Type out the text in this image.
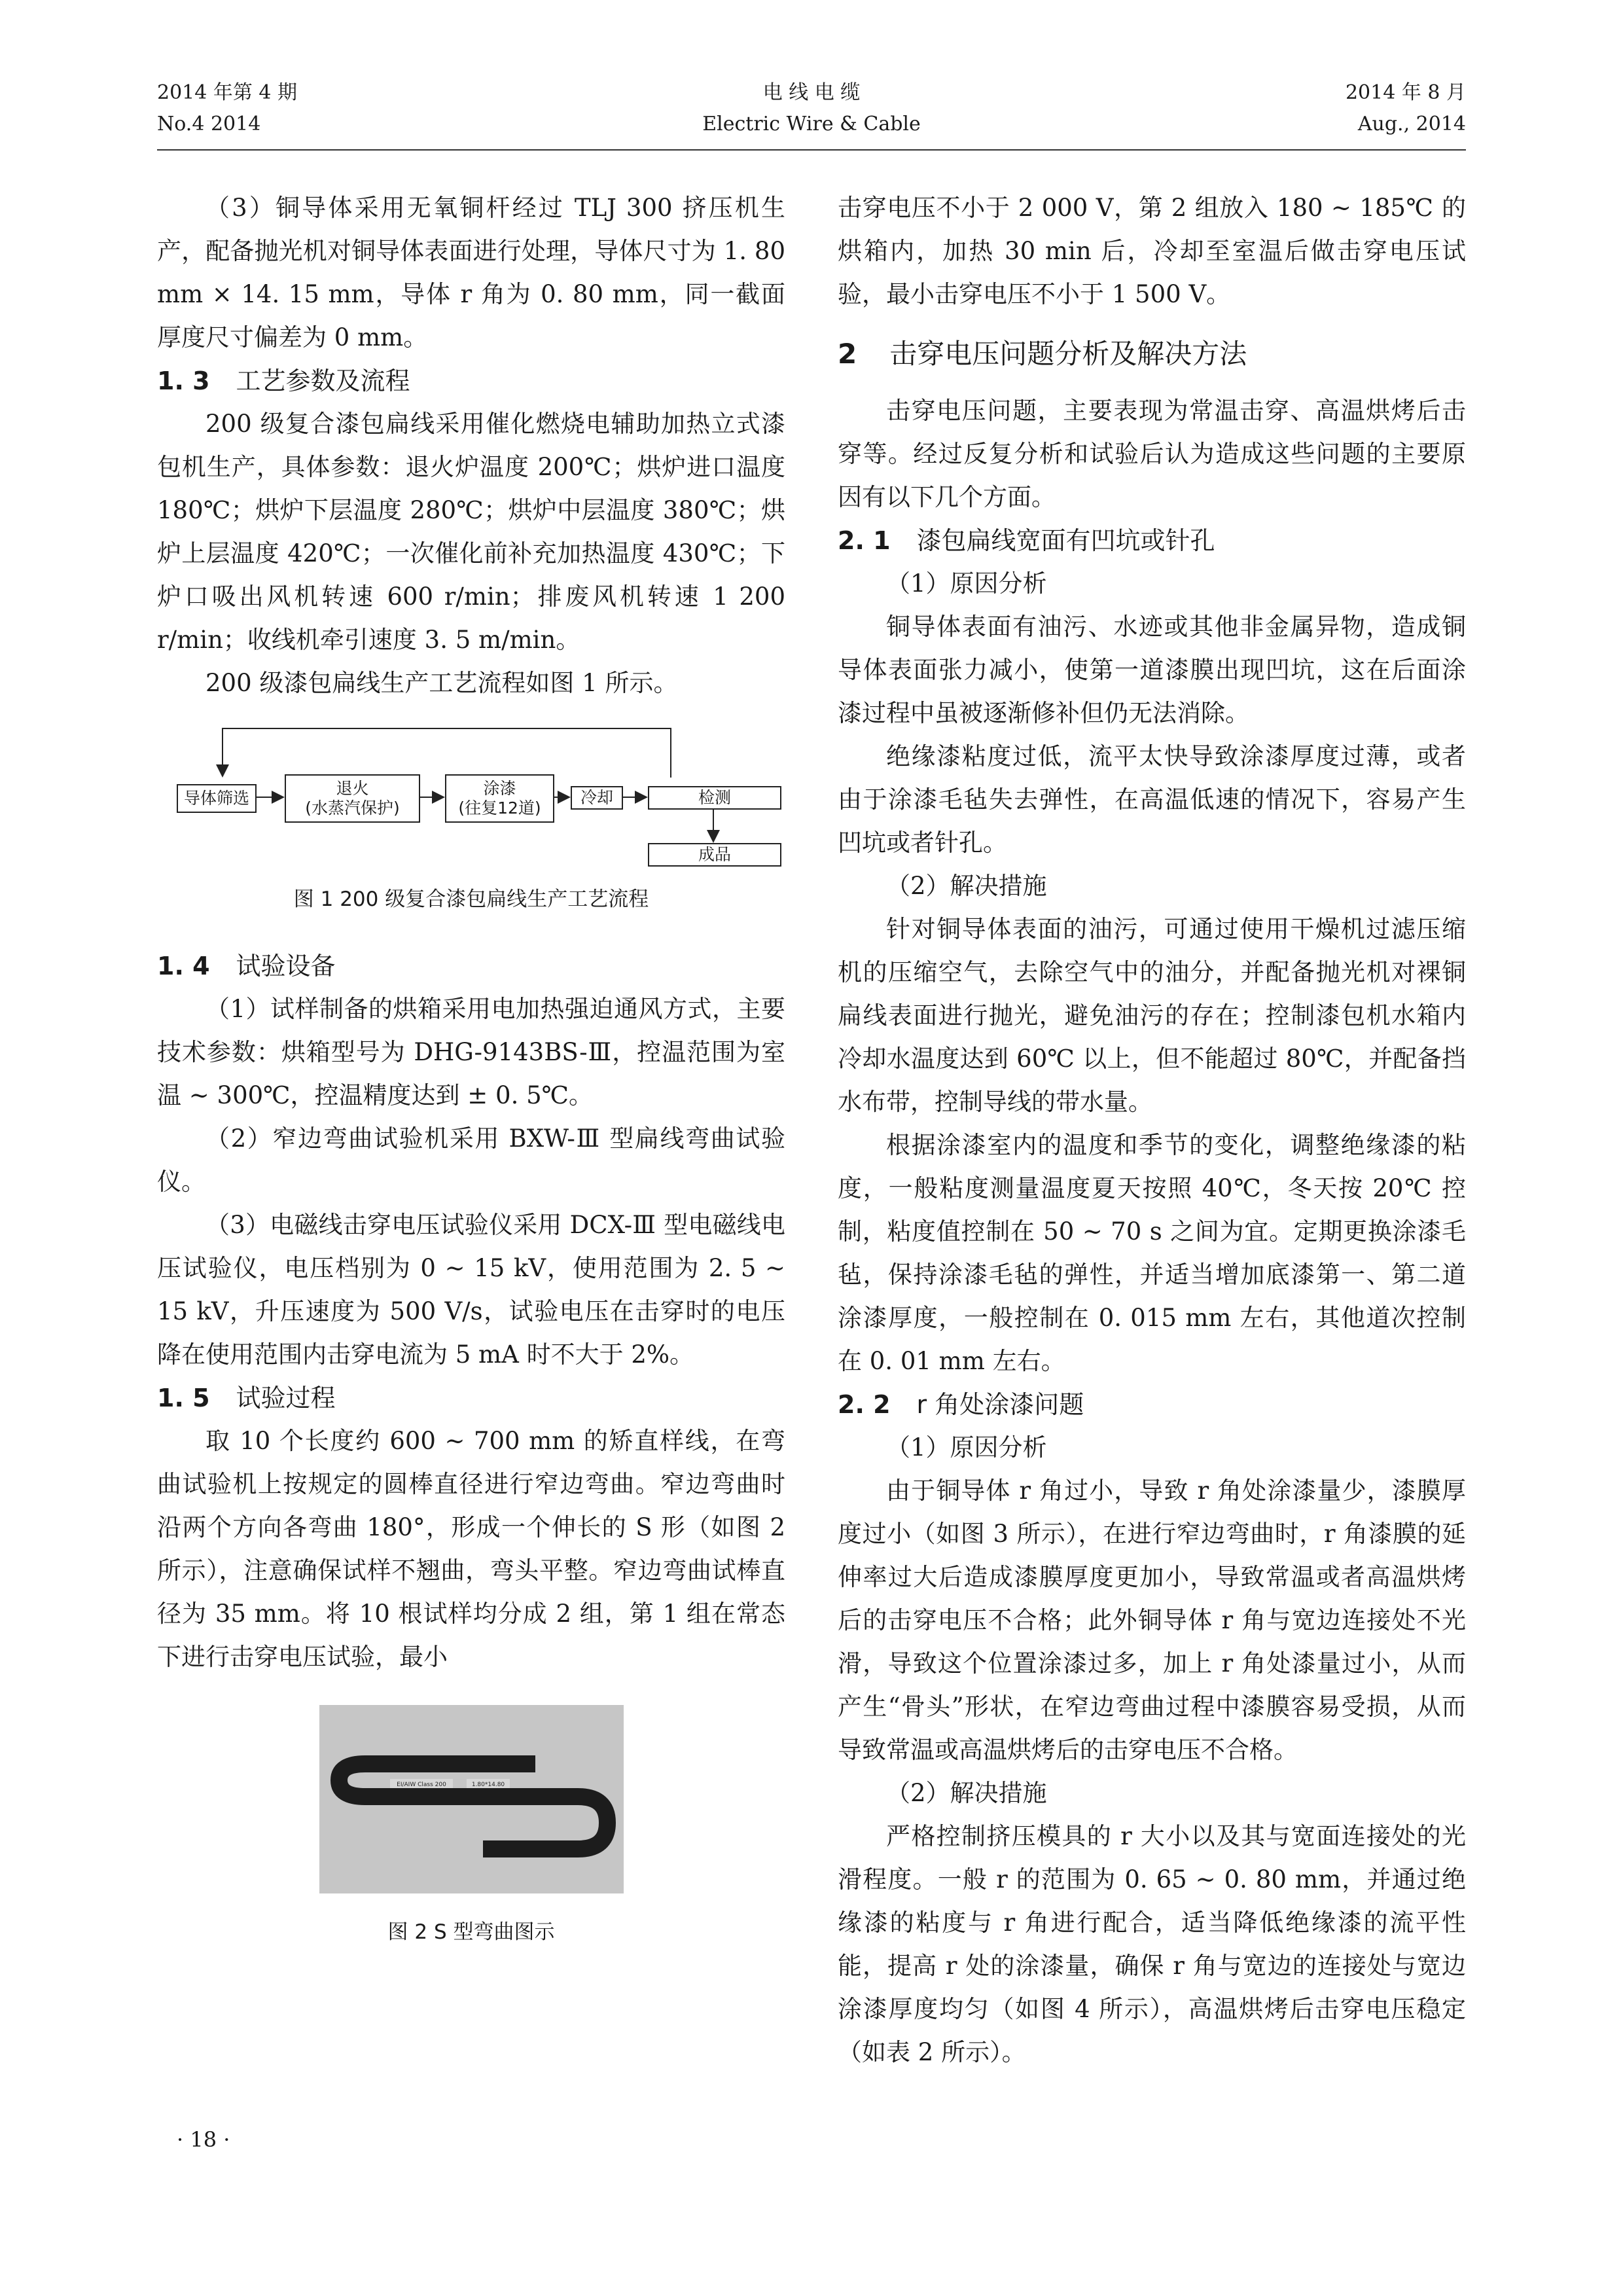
2014 年第 4 期
No.4 2014
电 线 电 缆
Electric Wire & Cable
2014 年 8 月
Aug., 2014

（3）铜导体采用无氧铜杆经过 TLJ 300 挤压机生产，配备抛光机对铜导体表面进行处理，导体尺寸为 1. 80 mm × 14. 15 mm，导体 r 角为 0. 80 mm，同一截面厚度尺寸偏差为 0 mm。

1. 3 工艺参数及流程

200 级复合漆包扁线采用催化燃烧电辅助加热立式漆包机生产，具体参数：退火炉温度 200℃；烘炉进口温度 180℃；烘炉下层温度 280℃；烘炉中层温度 380℃；烘炉上层温度 420℃；一次催化前补充加热温度 430℃；下炉口吸出风机转速 600 r/min；排废风机转速 1 200 r/min；收线机牵引速度 3. 5 m/min。

200 级漆包扁线生产工艺流程如图 1 所示。

导体筛选
退火
(水蒸汽保护)
涂漆
(往复12道)
冷却	检测
成品

图 1 200 级复合漆包扁线生产工艺流程

1. 4 试验设备

（1）试样制备的烘箱采用电加热强迫通风方式，主要技术参数：烘箱型号为 DHG-9143BS-Ⅲ，控温范围为室温 ~ 300℃，控温精度达到 ± 0. 5℃。

（2）窄边弯曲试验机采用 BXW-Ⅲ 型扁线弯曲试验仪。

（3）电磁线击穿电压试验仪采用 DCX-Ⅲ 型电磁线电压试验仪，电压档别为 0 ~ 15 kV，使用范围为 2. 5 ~ 15 kV，升压速度为 500 V/s，试验电压在击穿时的电压降在使用范围内击穿电流为 5 mA 时不大于 2%。

1. 5 试验过程

取 10 个长度约 600 ~ 700 mm 的矫直样线，在弯曲试验机上按规定的圆棒直径进行窄边弯曲。窄边弯曲时沿两个方向各弯曲 180°，形成一个伸长的 S 形（如图 2 所示），注意确保试样不翘曲，弯头平整。窄边弯曲试棒直径为 35 mm。将 10 根试样均分成 2 组，第 1 组在常态下进行击穿电压试验，最小

EI/AIW Class 200	1.80*14.80

图 2 S 型弯曲图示

击穿电压不小于 2 000 V，第 2 组放入 180 ~ 185℃ 的烘箱内，加热 30 min 后，冷却至室温后做击穿电压试验，最小击穿电压不小于 1 500 V。

2 击穿电压问题分析及解决方法

击穿电压问题，主要表现为常温击穿、高温烘烤后击穿等。经过反复分析和试验后认为造成这些问题的主要原因有以下几个方面。

2. 1 漆包扁线宽面有凹坑或针孔
（1）原因分析

铜导体表面有油污、水迹或其他非金属异物，造成铜导体表面张力减小，使第一道漆膜出现凹坑，这在后面涂漆过程中虽被逐渐修补但仍无法消除。

绝缘漆粘度过低，流平太快导致涂漆厚度过薄，或者由于涂漆毛毡失去弹性，在高温低速的情况下，容易产生凹坑或者针孔。

（2）解决措施

针对铜导体表面的油污，可通过使用干燥机过滤压缩机的压缩空气，去除空气中的油分，并配备抛光机对裸铜扁线表面进行抛光，避免油污的存在；控制漆包机水箱内冷却水温度达到 60℃ 以上，但不能超过 80℃，并配备挡水布带，控制导线的带水量。

根据涂漆室内的温度和季节的变化，调整绝缘漆的粘度，一般粘度测量温度夏天按照 40℃，冬天按 20℃ 控制，粘度值控制在 50 ~ 70 s 之间为宜。定期更换涂漆毛毡，保持涂漆毛毡的弹性，并适当增加底漆第一、第二道涂漆厚度，一般控制在 0. 015 mm 左右，其他道次控制在 0. 01 mm 左右。

2. 2 r 角处涂漆问题
（1）原因分析

由于铜导体 r 角过小，导致 r 角处涂漆量少，漆膜厚度过小（如图 3 所示），在进行窄边弯曲时，r 角漆膜的延伸率过大后造成漆膜厚度更加小，导致常温或者高温烘烤后的击穿电压不合格；此外铜导体 r 角与宽边连接处不光滑，导致这个位置涂漆过多，加上 r 角处漆量过小，从而产生“骨头”形状，在窄边弯曲过程中漆膜容易受损，从而导致常温或高温烘烤后的击穿电压不合格。

（2）解决措施

严格控制挤压模具的 r 大小以及其与宽面连接处的光滑程度。一般 r 的范围为 0. 65 ~ 0. 80 mm，并通过绝缘漆的粘度与 r 角进行配合，适当降低绝缘漆的流平性能，提高 r 处的涂漆量，确保 r 角与宽边的连接处与宽边涂漆厚度均匀（如图 4 所示），高温烘烤后击穿电压稳定（如表 2 所示）。

· 18 ·
